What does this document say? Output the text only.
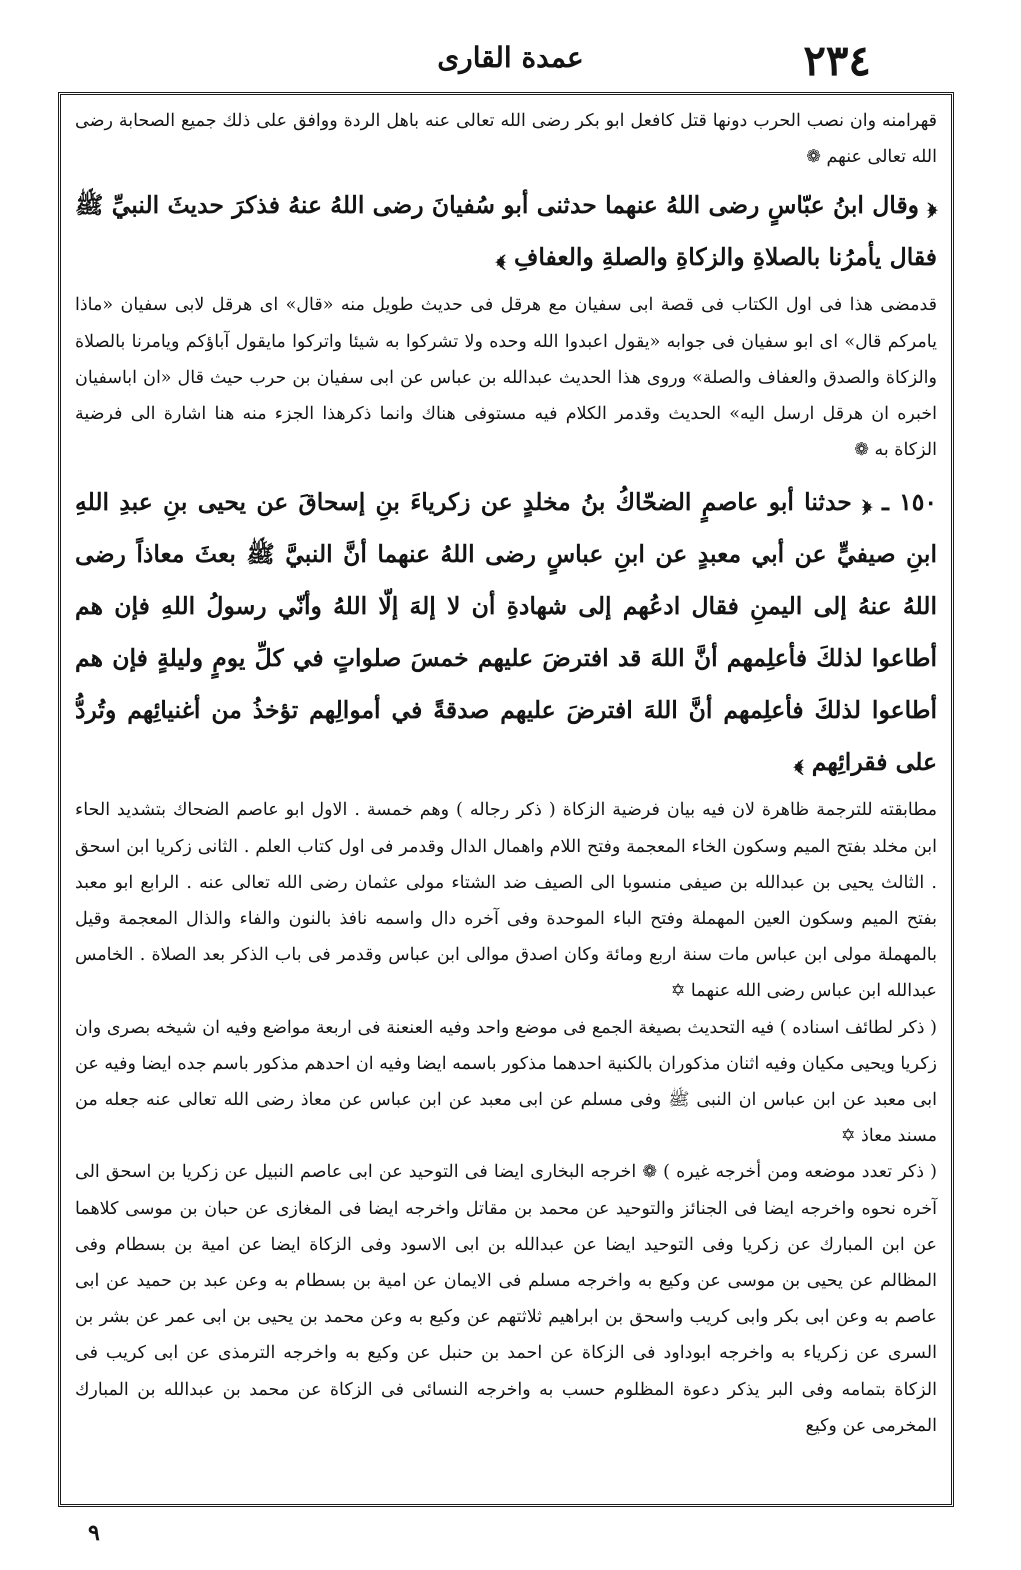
٢٣٤
عمدة القارى

قهرامنه وان نصب الحرب دونها قتل كافعل ابو بكر رضى الله تعالى عنه باهل الردة ووافق على ذلك جميع الصحابة رضى الله تعالى عنهم ❁

﴿ وقال ابنُ عبّاسٍ رضى اللهُ عنهما حدثنى أبو سُفيانَ رضى اللهُ عنهُ فذكرَ حديثَ النبيِّ ﷺ فقال يأمرُنا بالصلاةِ والزكاةِ والصلةِ والعفافِ ﴾

قدمضى هذا فى اول الكتاب فى قصة ابى سفيان مع هرقل فى حديث طويل منه «قال» اى هرقل لابى سفيان «ماذا يامركم قال» اى ابو سفيان فى جوابه «يقول اعبدوا الله وحده ولا تشركوا به شيئا واتركوا مايقول آباؤكم ويامرنا بالصلاة والزكاة والصدق والعفاف والصلة» وروى هذا الحديث عبدالله بن عباس عن ابى سفيان بن حرب حيث قال «ان اباسفيان اخبره ان هرقل ارسل اليه» الحديث وقدمر الكلام فيه مستوفى هناك وانما ذكرهذا الجزء منه هنا اشارة الى فرضية الزكاة به ❁

١٥٠ ـ ﴿ حدثنا أبو عاصمٍ الضحّاكُ بنُ مخلدٍ عن زكرياءَ بنِ إسحاقَ عن يحيى بنِ عبدِ اللهِ ابنِ صيفيٍّ عن أبي معبدٍ عن ابنِ عباسٍ رضى اللهُ عنهما أنَّ النبيَّ ﷺ بعثَ معاذاً رضى اللهُ عنهُ إلى اليمنِ فقال ادعُهم إلى شهادةِ أن لا إلهَ إلّا اللهُ وأنّي رسولُ اللهِ فإن هم أطاعوا لذلكَ فأعلِمهم أنَّ اللهَ قد افترضَ عليهم خمسَ صلواتٍ في كلِّ يومٍ وليلةٍ فإن هم أطاعوا لذلكَ فأعلِمهم أنَّ اللهَ افترضَ عليهم صدقةً في أموالِهم تؤخذُ من أغنيائِهم وتُردُّ على فقرائِهم ﴾

مطابقته للترجمة ظاهرة لان فيه بيان فرضية الزكاة ( ذكر رجاله ) وهم خمسة . الاول ابو عاصم الضحاك بتشديد الحاء ابن مخلد بفتح الميم وسكون الخاء المعجمة وفتح اللام واهمال الدال وقدمر فى اول كتاب العلم . الثانى زكريا ابن اسحق . الثالث يحيى بن عبدالله بن صيفى منسوبا الى الصيف ضد الشتاء مولى عثمان رضى الله تعالى عنه . الرابع ابو معبد بفتح الميم وسكون العين المهملة وفتح الباء الموحدة وفى آخره دال واسمه نافذ بالنون والفاء والذال المعجمة وقيل بالمهملة مولى ابن عباس مات سنة اربع ومائة وكان اصدق موالى ابن عباس وقدمر فى باب الذكر بعد الصلاة . الخامس عبدالله ابن عباس رضى الله عنهما ✡

( ذكر لطائف اسناده ) فيه التحديث بصيغة الجمع فى موضع واحد وفيه العنعنة فى اربعة مواضع وفيه ان شيخه بصرى وان زكريا ويحيى مكيان وفيه اثنان مذكوران بالكنية احدهما مذكور باسمه ايضا وفيه ان احدهم مذكور باسم جده ايضا وفيه عن ابى معبد عن ابن عباس ان النبى ﷺ وفى مسلم عن ابى معبد عن ابن عباس عن معاذ رضى الله تعالى عنه جعله من مسند معاذ ✡

( ذكر تعدد موضعه ومن أخرجه غيره ) ❁ اخرجه البخارى ايضا فى التوحيد عن ابى عاصم النبيل عن زكريا بن اسحق الى آخره نحوه واخرجه ايضا فى الجنائز والتوحيد عن محمد بن مقاتل واخرجه ايضا فى المغازى عن حبان بن موسى كلاهما عن ابن المبارك عن زكريا وفى التوحيد ايضا عن عبدالله بن ابى الاسود وفى الزكاة ايضا عن امية بن بسطام وفى المظالم عن يحيى بن موسى عن وكيع به واخرجه مسلم فى الايمان عن امية بن بسطام به وعن عبد بن حميد عن ابى عاصم به وعن ابى بكر وابى كريب واسحق بن ابراهيم ثلاثتهم عن وكيع به وعن محمد بن يحيى بن ابى عمر عن بشر بن السرى عن زكرياء به واخرجه ابوداود فى الزكاة عن احمد بن حنبل عن وكيع به واخرجه الترمذى عن ابى كريب فى الزكاة بتمامه وفى البر يذكر دعوة المظلوم حسب به واخرجه النسائى فى الزكاة عن محمد بن عبدالله بن المبارك المخرمى عن وكيع

٩
